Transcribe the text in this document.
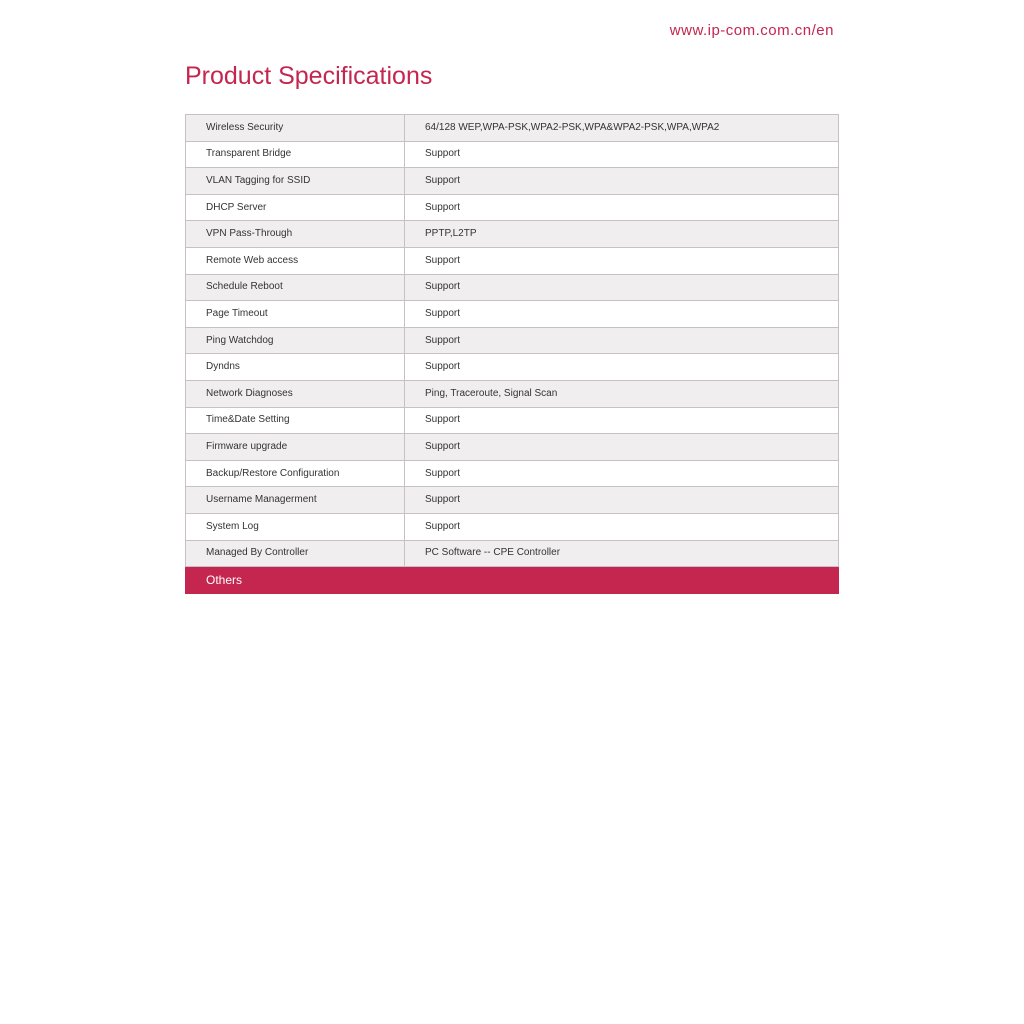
www.ip-com.com.cn/en
Product Specifications
Wireless Security	64/128 WEP,WPA-PSK,WPA2-PSK,WPA&WPA2-PSK,WPA,WPA2
Transparent Bridge	Support
VLAN Tagging for SSID	Support
DHCP Server	Support
VPN Pass-Through	PPTP,L2TP
Remote Web access	Support
Schedule Reboot	Support
Page Timeout	Support
Ping Watchdog	Support
Dyndns	Support
Network Diagnoses	Ping, Traceroute, Signal Scan
Time&Date Setting	Support
Firmware upgrade	Support
Backup/Restore Configuration	Support
Username Managerment	Support
System Log	Support
Managed By Controller	PC Software -- CPE Controller
Others	
